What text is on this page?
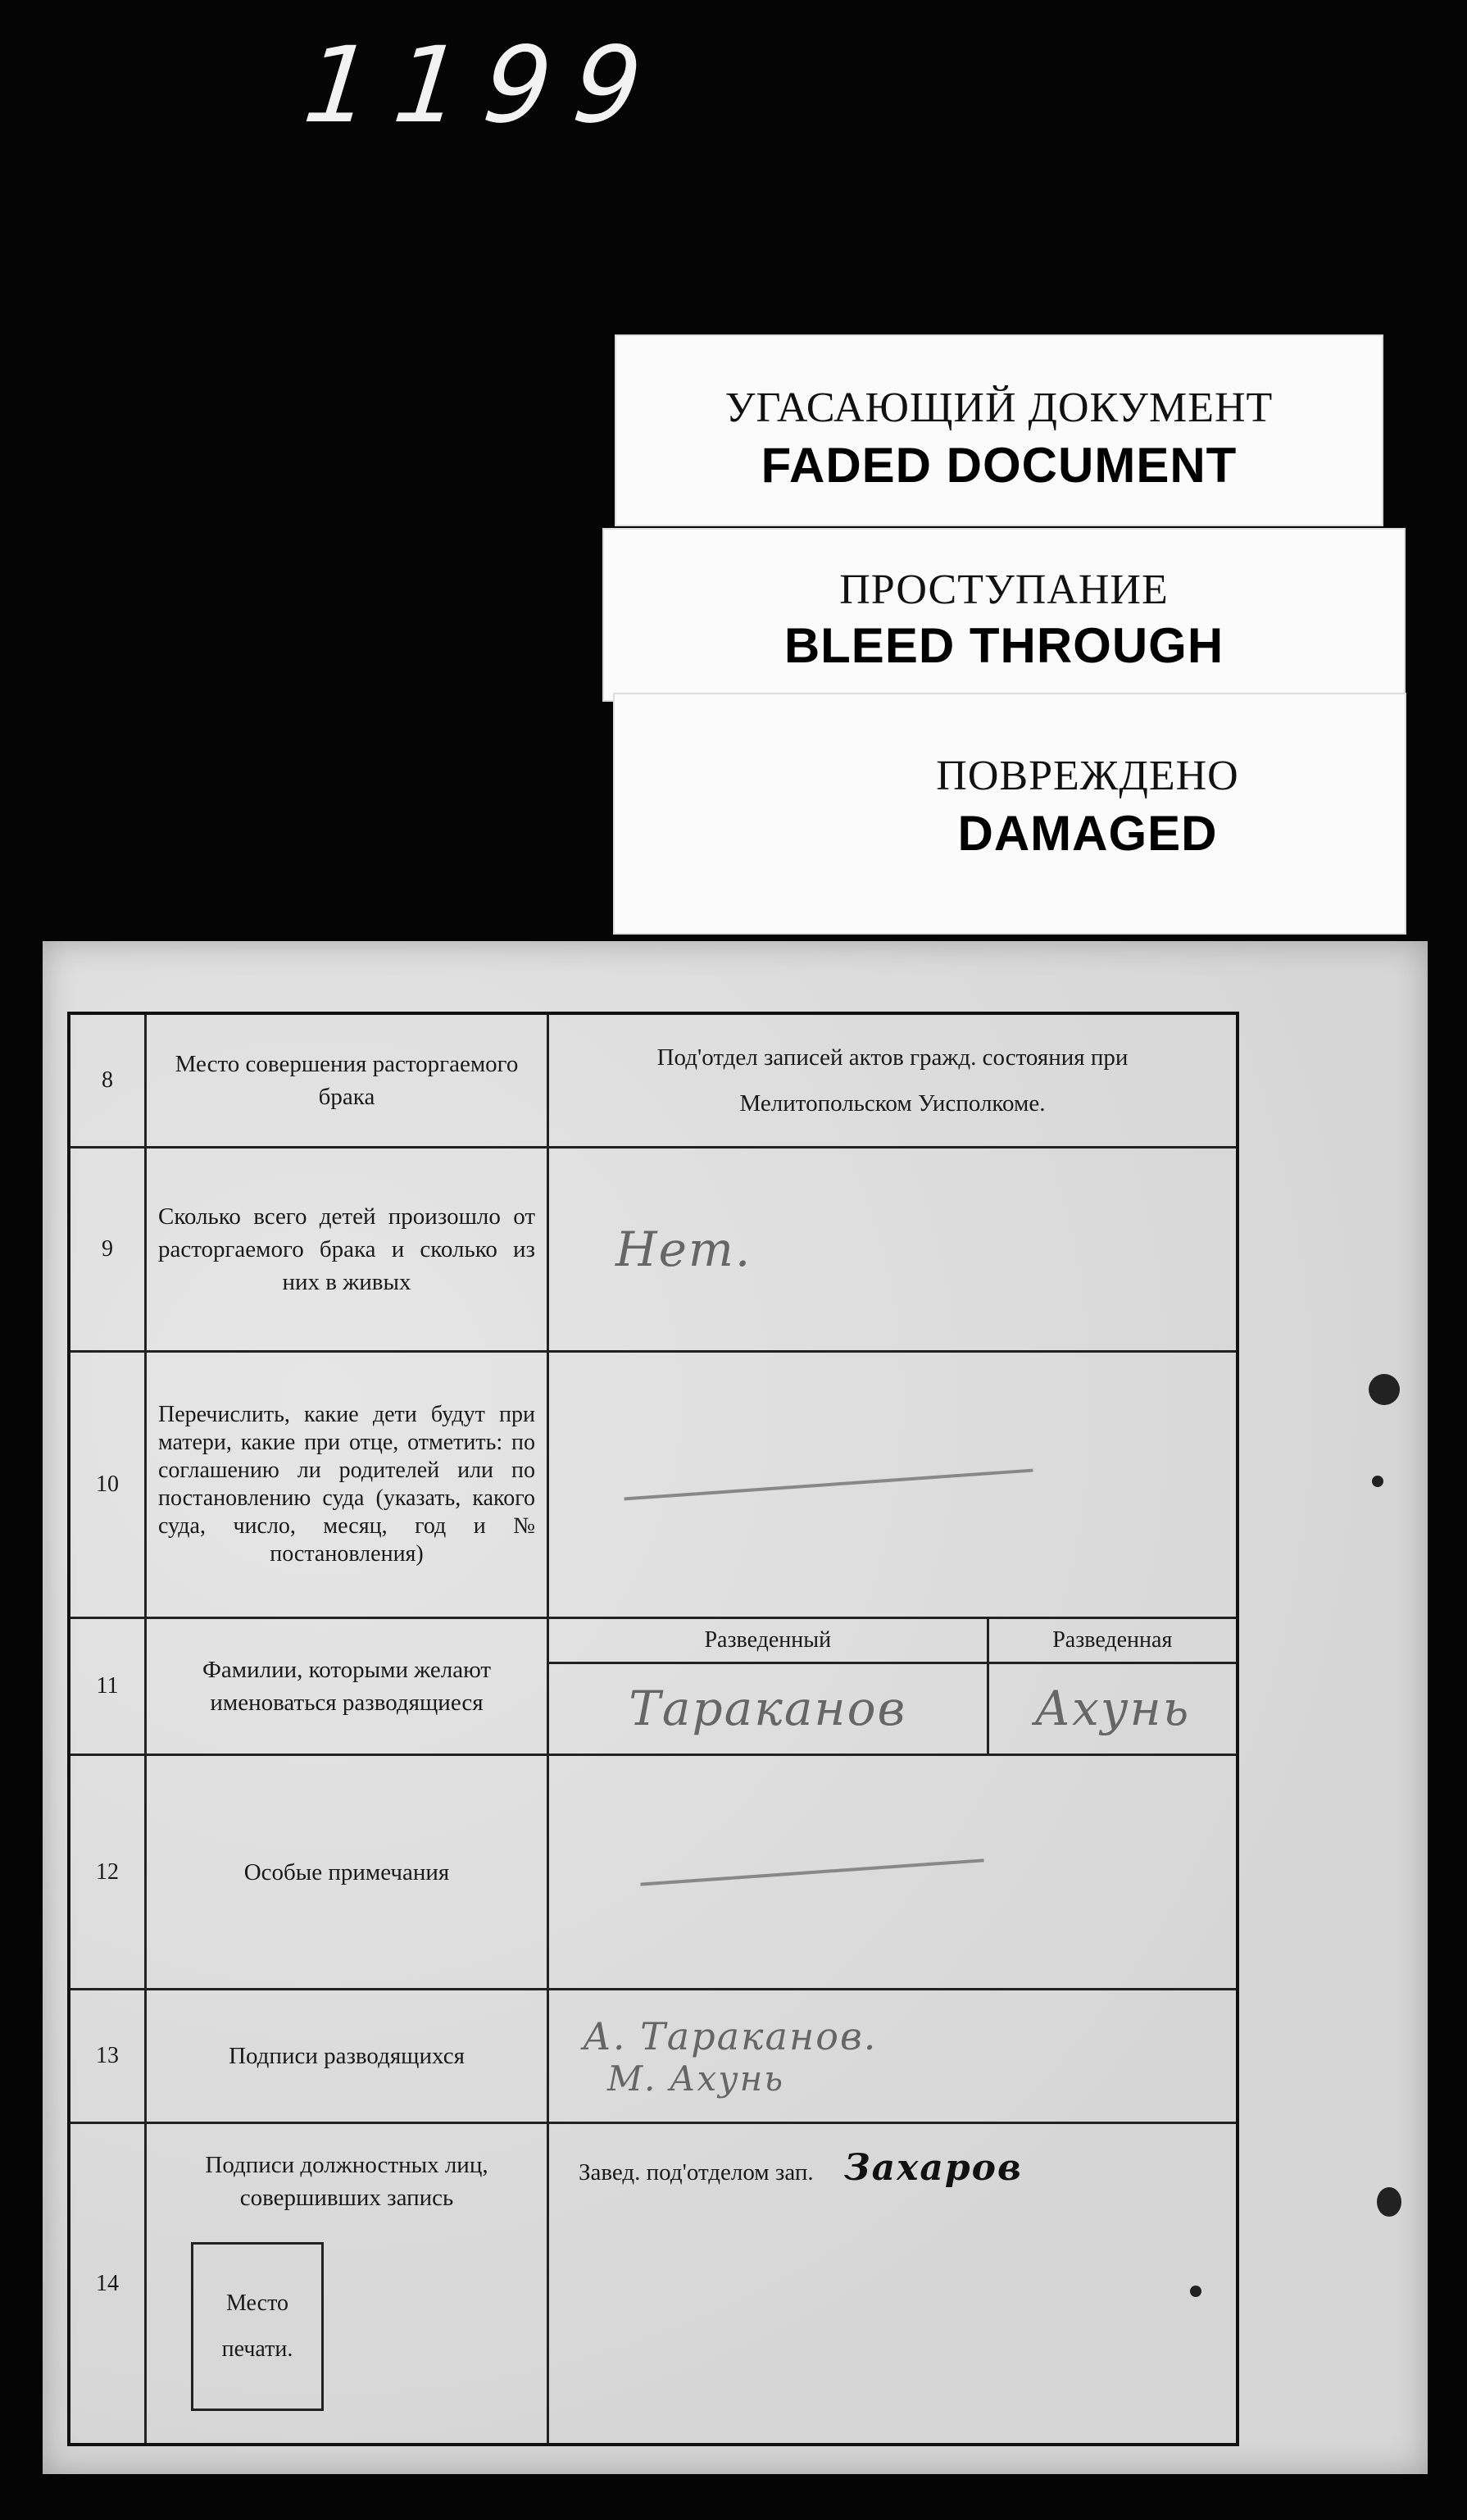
1199
УГАСАЮЩИЙ ДОКУМЕНТ
FADED DOCUMENT
ПРОСТУПАНИЕ
BLEED THROUGH
ПОВРЕЖДЕНО
DAMAGED
8	Место совершения расторгаемого брака	Под'отдел записей актов гражд. состояния при
Мелитопольском Уисполкоме.	

9	Сколько всего детей произошло от расторгаемого брака и сколько из них в живых	Нет.	
10	Перечислить, какие дети будут при матери, какие при отце, отметить: по соглашению ли родителей или по постановлению суда (указать, какого суда, число, месяц, год и № постановления)		

11	Фамилии, которыми желают именоваться разводящиеся	Разведенный	Разведенная
		Тараканов	Ахунь
12	Особые примечания		

13	Подписи разводящихся	А. Тараканов.
М. Ахунь	

14	Подписи должностных лиц, совершивших запись
Место
печати.	Завед. под'отделом зап. Захаров	
